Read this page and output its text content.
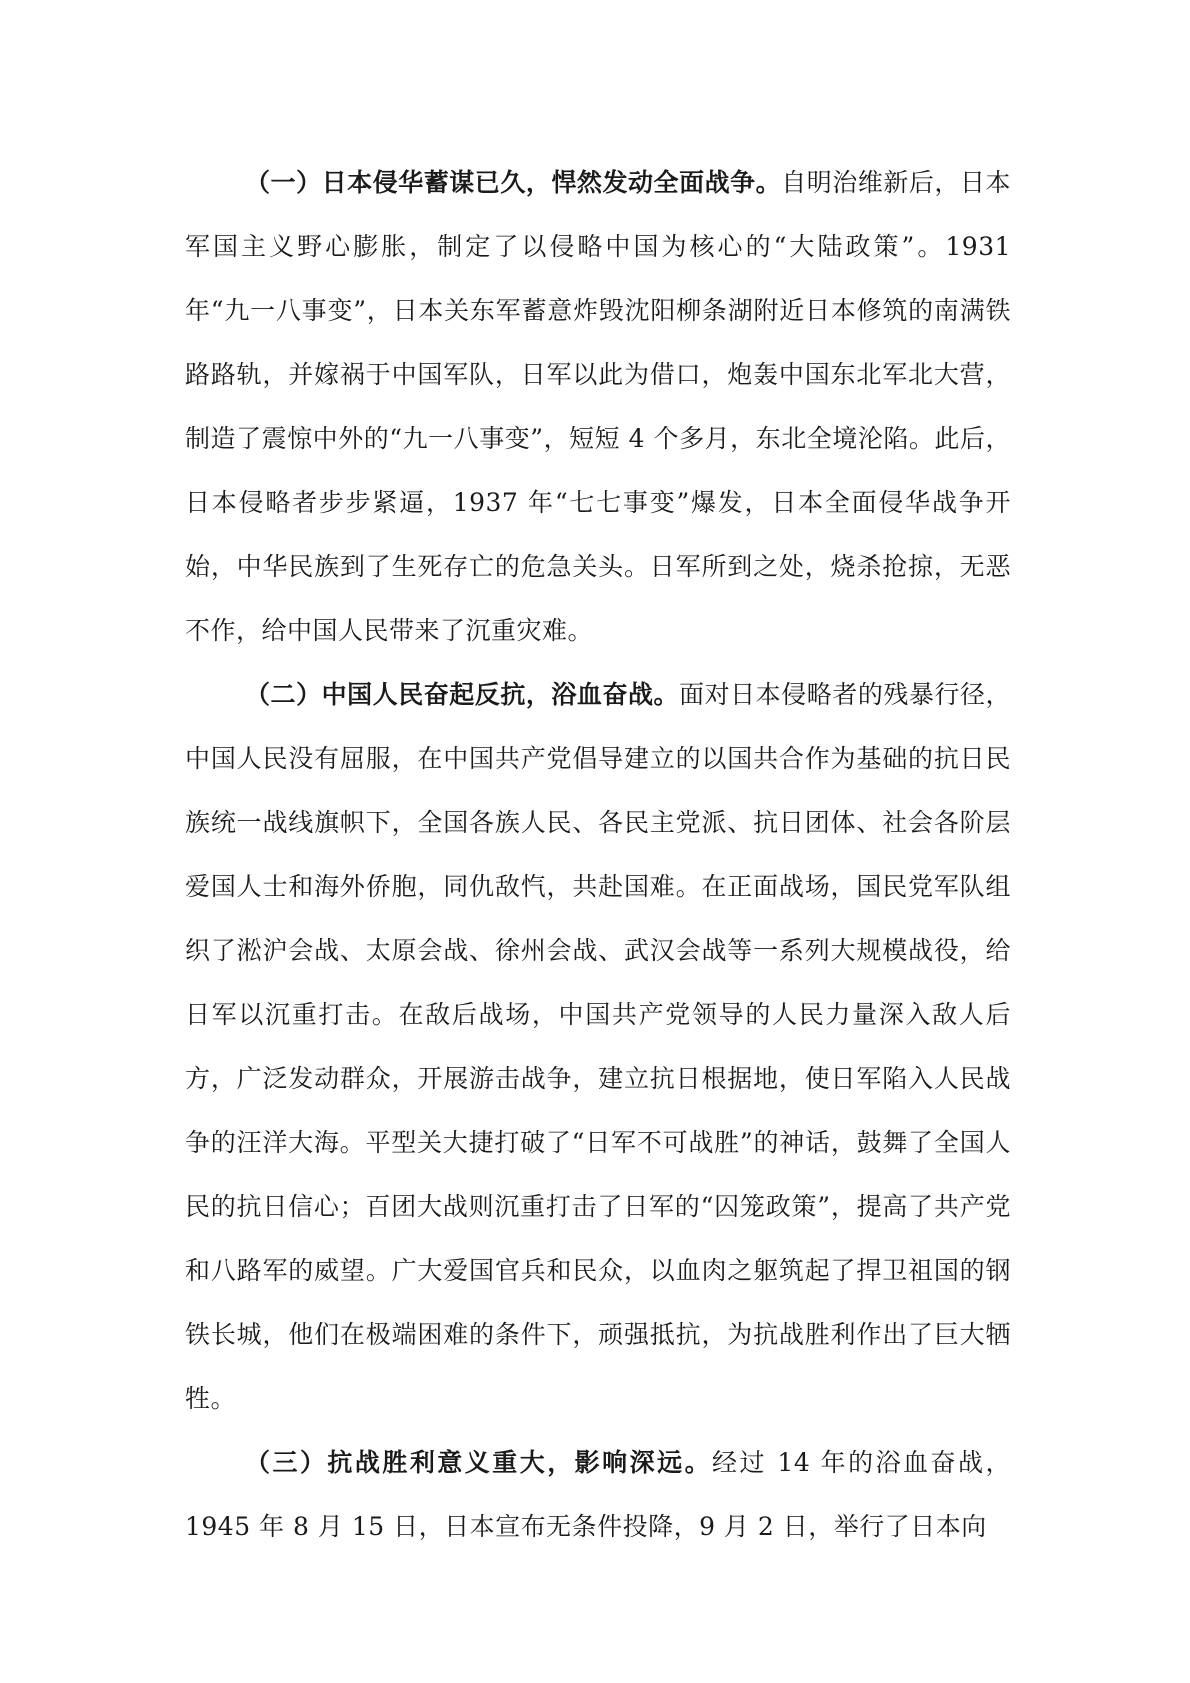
（一）日本侵华蓄谋已久，悍然发动全面战争。自明治维新后，日本军国主义野心膨胀，制定了以侵略中国为核心的“大陆政策”。1931 年“九一八事变”，日本关东军蓄意炸毁沈阳柳条湖附近日本修筑的南满铁路路轨，并嫁祸于中国军队，日军以此为借口，炮轰中国东北军北大营，制造了震惊中外的“九一八事变”，短短 4 个多月，东北全境沦陷。此后，日本侵略者步步紧逼，1937 年“七七事变”爆发，日本全面侵华战争开始，中华民族到了生死存亡的危急关头。日军所到之处，烧杀抢掠，无恶不作，给中国人民带来了沉重灾难。

（二）中国人民奋起反抗，浴血奋战。面对日本侵略者的残暴行径，中国人民没有屈服，在中国共产党倡导建立的以国共合作为基础的抗日民族统一战线旗帜下，全国各族人民、各民主党派、抗日团体、社会各阶层爱国人士和海外侨胞，同仇敌忾，共赴国难。在正面战场，国民党军队组织了淞沪会战、太原会战、徐州会战、武汉会战等一系列大规模战役，给日军以沉重打击。在敌后战场，中国共产党领导的人民力量深入敌人后方，广泛发动群众，开展游击战争，建立抗日根据地，使日军陷入人民战争的汪洋大海。平型关大捷打破了“日军不可战胜”的神话，鼓舞了全国人民的抗日信心；百团大战则沉重打击了日军的“囚笼政策”，提高了共产党和八路军的威望。广大爱国官兵和民众，以血肉之躯筑起了捍卫祖国的钢铁长城，他们在极端困难的条件下，顽强抵抗，为抗战胜利作出了巨大牺牲。

（三）抗战胜利意义重大，影响深远。经过 14 年的浴血奋战，1945 年 8 月 15 日，日本宣布无条件投降，9 月 2 日，举行了日本向
